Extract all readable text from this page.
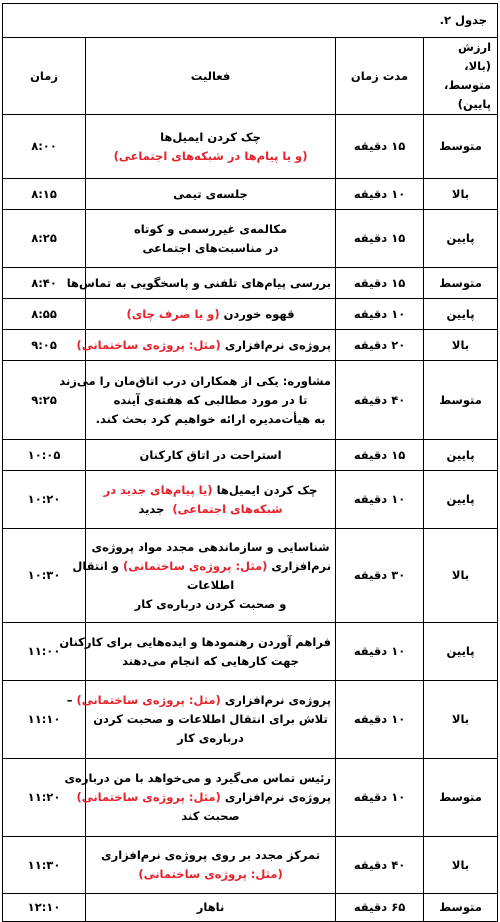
جدول ۲.			
ارزش (بالا، متوسط، پایین)	مدت زمان	فعالیت	زمان
متوسط	۱۵ دقیقه	چک کردن ایمیل‌ها
(و یا پیام‌ها در شبکه‌های اجتماعی)	۸:۰۰
بالا	۱۰ دقیقه	جلسه‌ی تیمی	۸:۱۵
پایین	۱۵ دقیقه	مکالمه‌ی غیررسمی و کوتاه
در مناسبت‌های اجتماعی	۸:۲۵
متوسط	۱۵ دقیقه	بررسی پیام‌های تلفنی و پاسخگویی به تماس‌ها	۸:۴۰
پایین	۱۰ دقیقه	قهوه خوردن (و یا صرف چای)	۸:۵۵
بالا	۲۰ دقیقه	پروژه‌ی نرم‌افزاری (مثل: پروژه‌ی ساختمانی)	۹:۰۵
متوسط	۴۰ دقیقه	مشاوره: یکی از همکاران درب اتاق‌مان را می‌زند
تا در مورد مطالبی که هفته‌ی آینده
به هیأت‌مدیره ارائه خواهیم کرد بحث کند.	۹:۲۵
پایین	۱۵ دقیقه	استراحت در اتاق کارکنان	۱۰:۰۵
پایین	۱۰ دقیقه	چک کردن ایمیل‌ها (یا پیام‌های جدید در
شبکه‌های اجتماعی)  جدید	۱۰:۲۰
بالا	۳۰ دقیقه	شناسایی و سازماندهی مجدد مواد پروژه‌ی
نرم‌افزاری (مثل: پروژه‌ی ساختمانی) و انتقال
اطلاعات
و صحبت کردن درباره‌ی کار	۱۰:۳۰
پایین	۱۰ دقیقه	فراهم آوردن رهنمودها و ایده‌هایی برای کارکنان
جهت کارهایی که انجام می‌دهند	۱۱:۰۰
بالا	۱۰ دقیقه	پروژه‌ی نرم‌افزاری (مثل: پروژه‌ی ساختمانی) –
تلاش برای انتقال اطلاعات و صحبت کردن
درباره‌ی کار	۱۱:۱۰
متوسط	۱۰ دقیقه	رئیس تماس می‌گیرد و می‌خواهد با من درباره‌ی
پروژه‌ی نرم‌افزاری (مثل: پروژه‌ی ساختمانی)
صحبت کند	۱۱:۲۰
بالا	۴۰ دقیقه	تمرکز مجدد بر روی پروژه‌ی نرم‌افزاری
(مثل: پروژه‌ی ساختمانی)	۱۱:۳۰
متوسط	۶۵ دقیقه	ناهار	۱۲:۱۰
